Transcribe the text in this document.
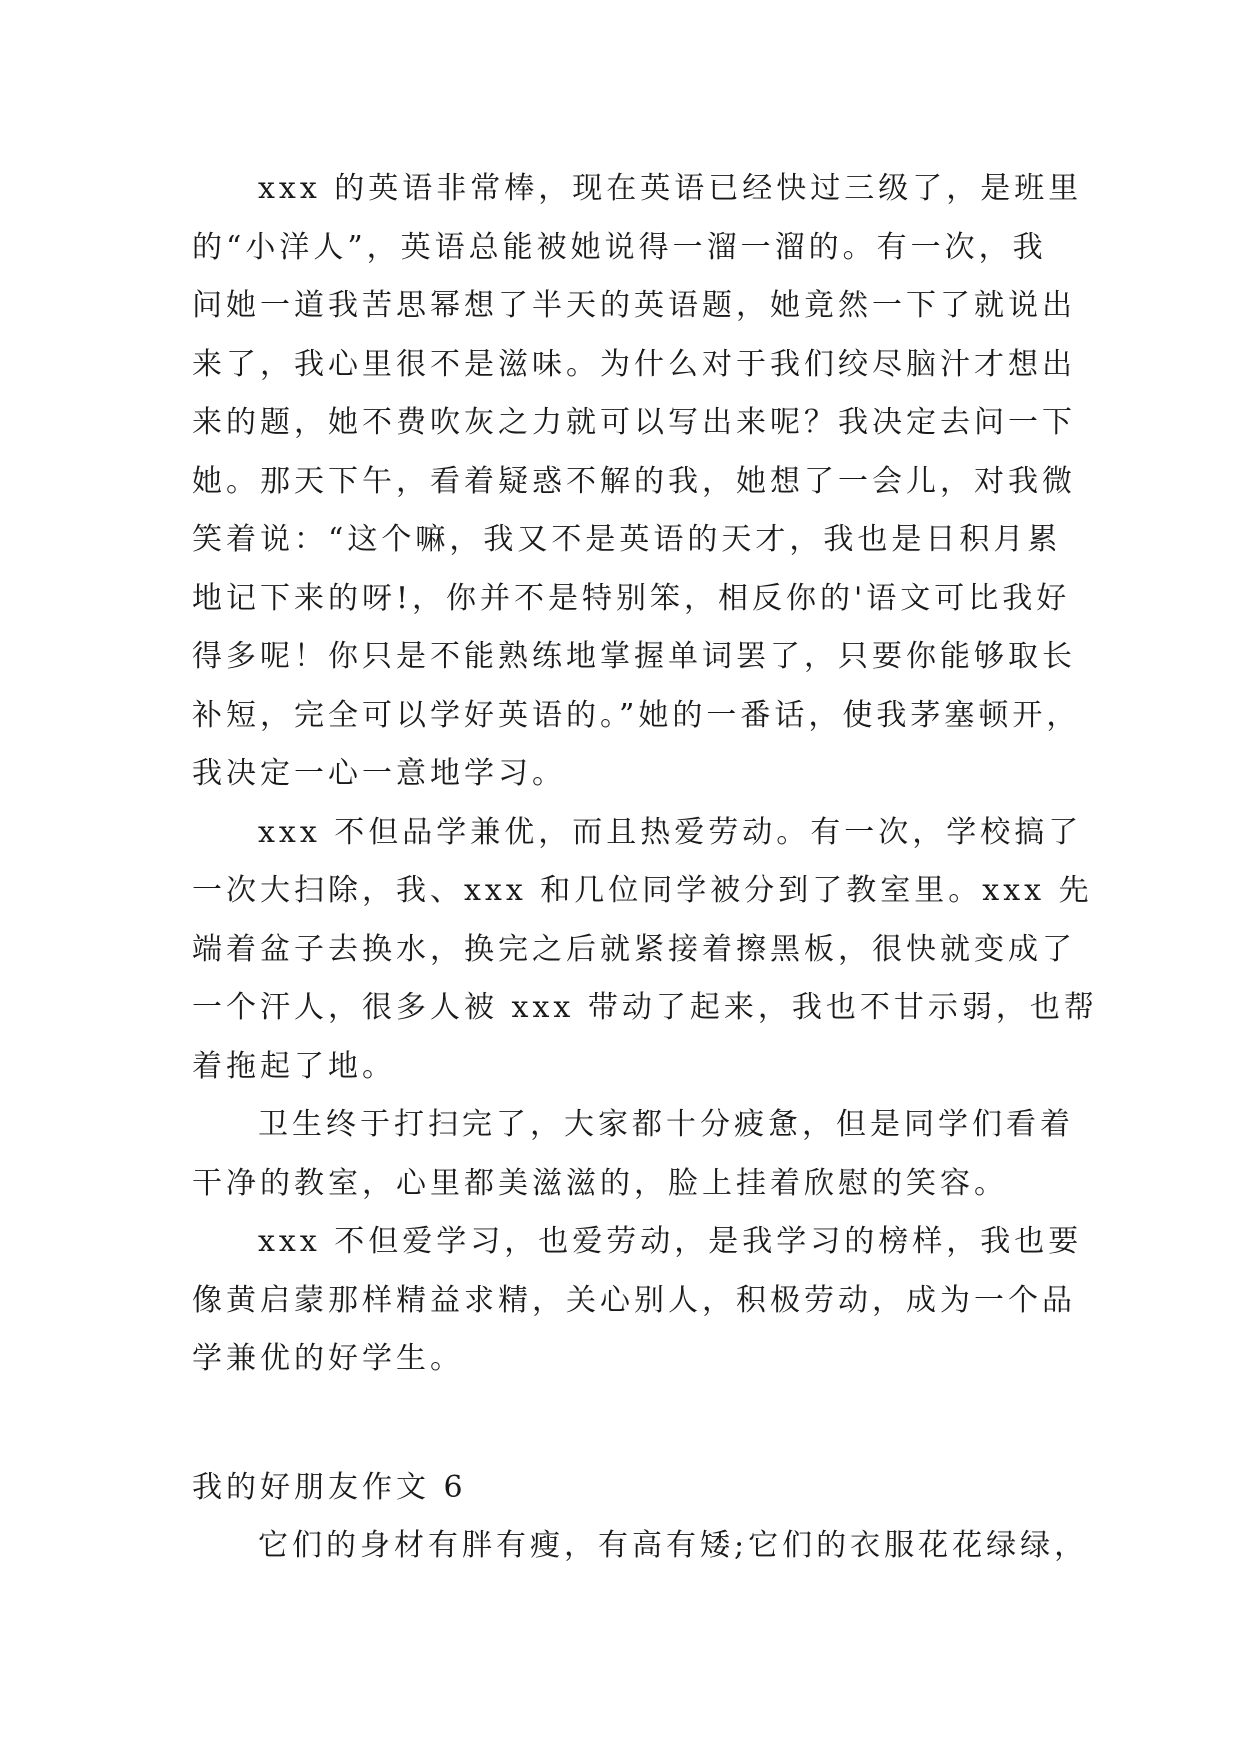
xxx 的英语非常棒，现在英语已经快过三级了，是班里
的“小洋人”，英语总能被她说得一溜一溜的。有一次，我
问她一道我苦思幂想了半天的英语题，她竟然一下了就说出
来了，我心里很不是滋味。为什么对于我们绞尽脑汁才想出
来的题，她不费吹灰之力就可以写出来呢？我决定去问一下
她。那天下午，看着疑惑不解的我，她想了一会儿，对我微
笑着说：“这个嘛，我又不是英语的天才，我也是日积月累
地记下来的呀!，你并不是特别笨，相反你的'语文可比我好
得多呢！你只是不能熟练地掌握单词罢了，只要你能够取长
补短，完全可以学好英语的。”她的一番话，使我茅塞顿开，
我决定一心一意地学习。
xxx 不但品学兼优，而且热爱劳动。有一次，学校搞了
一次大扫除，我、xxx 和几位同学被分到了教室里。xxx 先
端着盆子去换水，换完之后就紧接着擦黑板，很快就变成了
一个汗人，很多人被 xxx 带动了起来，我也不甘示弱，也帮
着拖起了地。
卫生终于打扫完了，大家都十分疲惫，但是同学们看着
干净的教室，心里都美滋滋的，脸上挂着欣慰的笑容。
xxx 不但爱学习，也爱劳动，是我学习的榜样，我也要
像黄启蒙那样精益求精，关心别人，积极劳动，成为一个品
学兼优的好学生。
我的好朋友作文 6
它们的身材有胖有瘦，有高有矮;它们的衣服花花绿绿，
